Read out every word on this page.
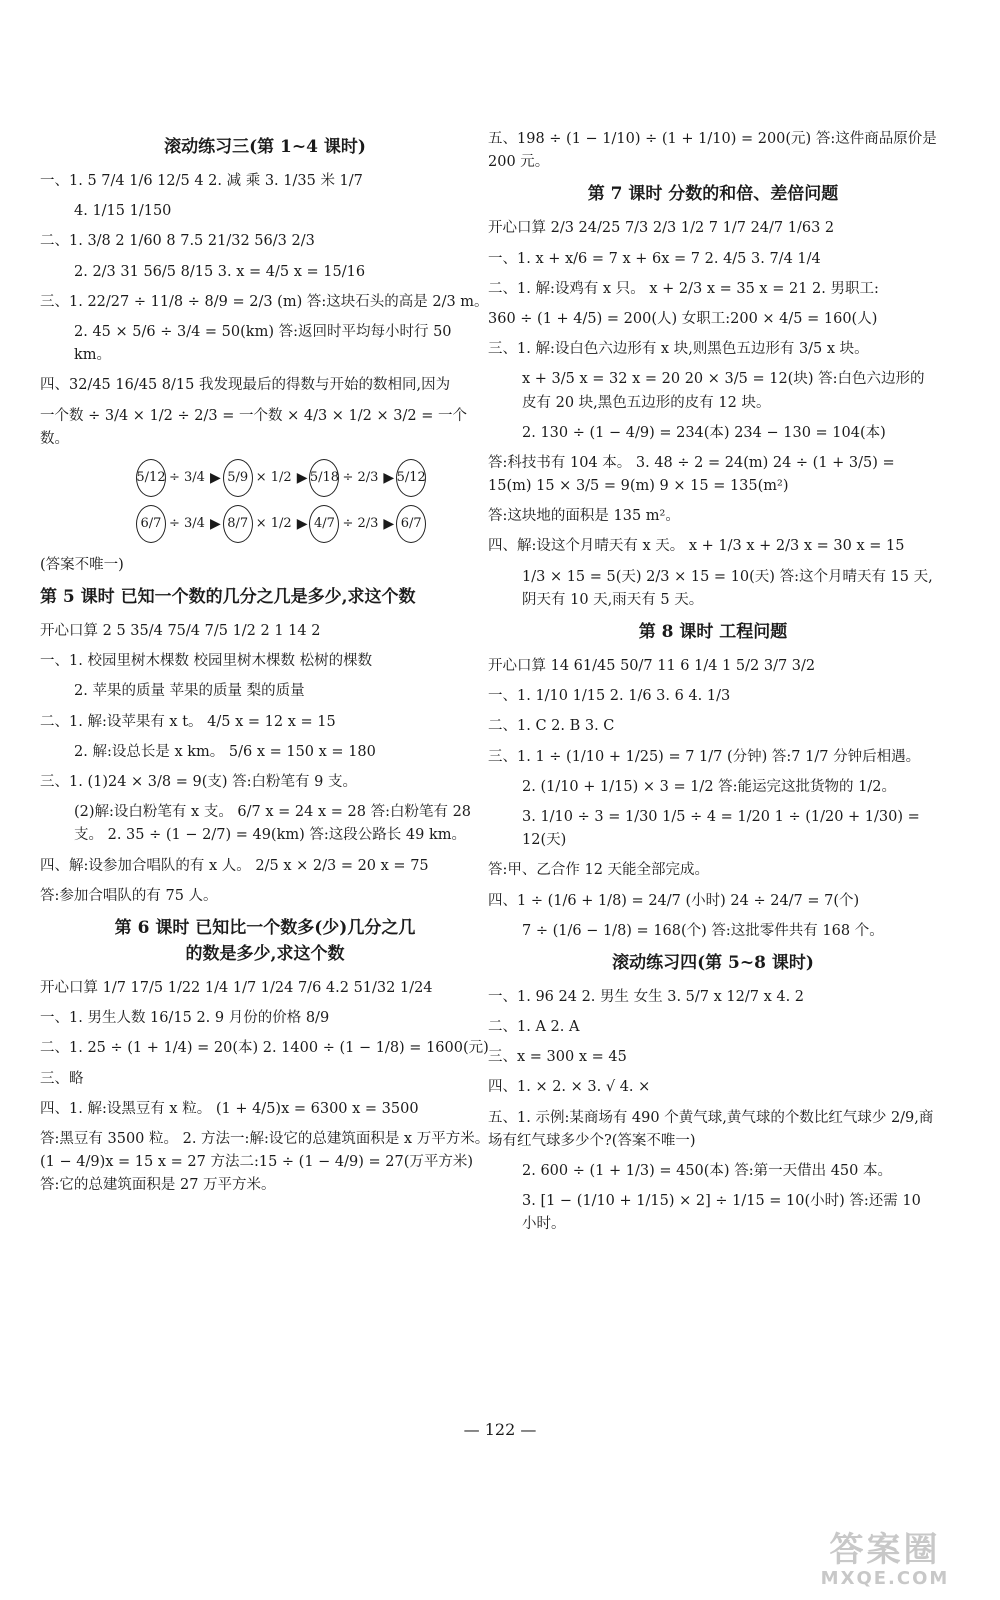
滚动练习三(第 1~4 课时)
一、1. 5 7/4 1/6 12/5 4 2. 减 乘 3. 1/35 米 1/7
4. 1/15 1/150
二、1. 3/8 2 1/60 8 7.5 21/32 56/3 2/3
2. 2/3 31 56/5 8/15 3. x = 4/5 x = 15/16
三、1. 22/27 ÷ 11/8 ÷ 8/9 = 2/3 (m) 答:这块石头的高是 2/3 m。
2. 45 × 5/6 ÷ 3/4 = 50(km) 答:返回时平均每小时行 50 km。
四、32/45 16/45 8/15 我发现最后的得数与开始的数相同,因为
一个数 ÷ 3/4 × 1/2 ÷ 2/3 = 一个数 × 4/3 × 1/2 × 3/2 = 一个数。
5/12 ÷ 3/4 ▶ 5/9 × 1/2 ▶ 5/18 ÷ 2/3 ▶ 5/12
6/7 ÷ 3/4 ▶ 8/7 × 1/2 ▶ 4/7 ÷ 2/3 ▶ 6/7
(答案不唯一)
第 5 课时 已知一个数的几分之几是多少,求这个数
开心口算 2 5 35/4 75/4 7/5 1/2 2 1 14 2
一、1. 校园里树木棵数 校园里树木棵数 松树的棵数
2. 苹果的质量 苹果的质量 梨的质量
二、1. 解:设苹果有 x t。 4/5 x = 12 x = 15
2. 解:设总长是 x km。 5/6 x = 150 x = 180
三、1. (1)24 × 3/8 = 9(支) 答:白粉笔有 9 支。
(2)解:设白粉笔有 x 支。 6/7 x = 24 x = 28 答:白粉笔有 28 支。 2. 35 ÷ (1 − 2/7) = 49(km) 答:这段公路长 49 km。
四、解:设参加合唱队的有 x 人。 2/5 x × 2/3 = 20 x = 75
答:参加合唱队的有 75 人。
第 6 课时 已知比一个数多(少)几分之几
的数是多少,求这个数
开心口算 1/7 17/5 1/22 1/4 1/7 1/24 7/6 4.2 51/32 1/24
一、1. 男生人数 16/15 2. 9 月份的价格 8/9
二、1. 25 ÷ (1 + 1/4) = 20(本) 2. 1400 ÷ (1 − 1/8) = 1600(元)
三、略
四、1. 解:设黑豆有 x 粒。 (1 + 4/5)x = 6300 x = 3500
答:黑豆有 3500 粒。 2. 方法一:解:设它的总建筑面积是 x 万平方米。 (1 − 4/9)x = 15 x = 27 方法二:15 ÷ (1 − 4/9) = 27(万平方米) 答:它的总建筑面积是 27 万平方米。
五、198 ÷ (1 − 1/10) ÷ (1 + 1/10) = 200(元) 答:这件商品原价是 200 元。
第 7 课时 分数的和倍、差倍问题
开心口算 2/3 24/25 7/3 2/3 1/2 7 1/7 24/7 1/63 2
一、1. x + x/6 = 7 x + 6x = 7 2. 4/5 3. 7/4 1/4
二、1. 解:设鸡有 x 只。 x + 2/3 x = 35 x = 21 2. 男职工:
360 ÷ (1 + 4/5) = 200(人) 女职工:200 × 4/5 = 160(人)
三、1. 解:设白色六边形有 x 块,则黑色五边形有 3/5 x 块。
x + 3/5 x = 32 x = 20 20 × 3/5 = 12(块) 答:白色六边形的皮有 20 块,黑色五边形的皮有 12 块。
2. 130 ÷ (1 − 4/9) = 234(本) 234 − 130 = 104(本)
答:科技书有 104 本。 3. 48 ÷ 2 = 24(m) 24 ÷ (1 + 3/5) = 15(m) 15 × 3/5 = 9(m) 9 × 15 = 135(m²)
答:这块地的面积是 135 m²。
四、解:设这个月晴天有 x 天。 x + 1/3 x + 2/3 x = 30 x = 15
1/3 × 15 = 5(天) 2/3 × 15 = 10(天) 答:这个月晴天有 15 天,阴天有 10 天,雨天有 5 天。
第 8 课时 工程问题
开心口算 14 61/45 50/7 11 6 1/4 1 5/2 3/7 3/2
一、1. 1/10 1/15 2. 1/6 3. 6 4. 1/3
二、1. C 2. B 3. C
三、1. 1 ÷ (1/10 + 1/25) = 7 1/7 (分钟) 答:7 1/7 分钟后相遇。
2. (1/10 + 1/15) × 3 = 1/2 答:能运完这批货物的 1/2。
3. 1/10 ÷ 3 = 1/30 1/5 ÷ 4 = 1/20 1 ÷ (1/20 + 1/30) = 12(天)
答:甲、乙合作 12 天能全部完成。
四、1 ÷ (1/6 + 1/8) = 24/7 (小时) 24 ÷ 24/7 = 7(个)
7 ÷ (1/6 − 1/8) = 168(个) 答:这批零件共有 168 个。
滚动练习四(第 5~8 课时)
一、1. 96 24 2. 男生 女生 3. 5/7 x 12/7 x 4. 2
二、1. A 2. A
三、x = 300 x = 45
四、1. × 2. × 3. √ 4. ×
五、1. 示例:某商场有 490 个黄气球,黄气球的个数比红气球少 2/9,商场有红气球多少个?(答案不唯一)
2. 600 ÷ (1 + 1/3) = 450(本) 答:第一天借出 450 本。
3. [1 − (1/10 + 1/15) × 2] ÷ 1/15 = 10(小时) 答:还需 10 小时。
— 122 —
答案圈
MXQE.COM
